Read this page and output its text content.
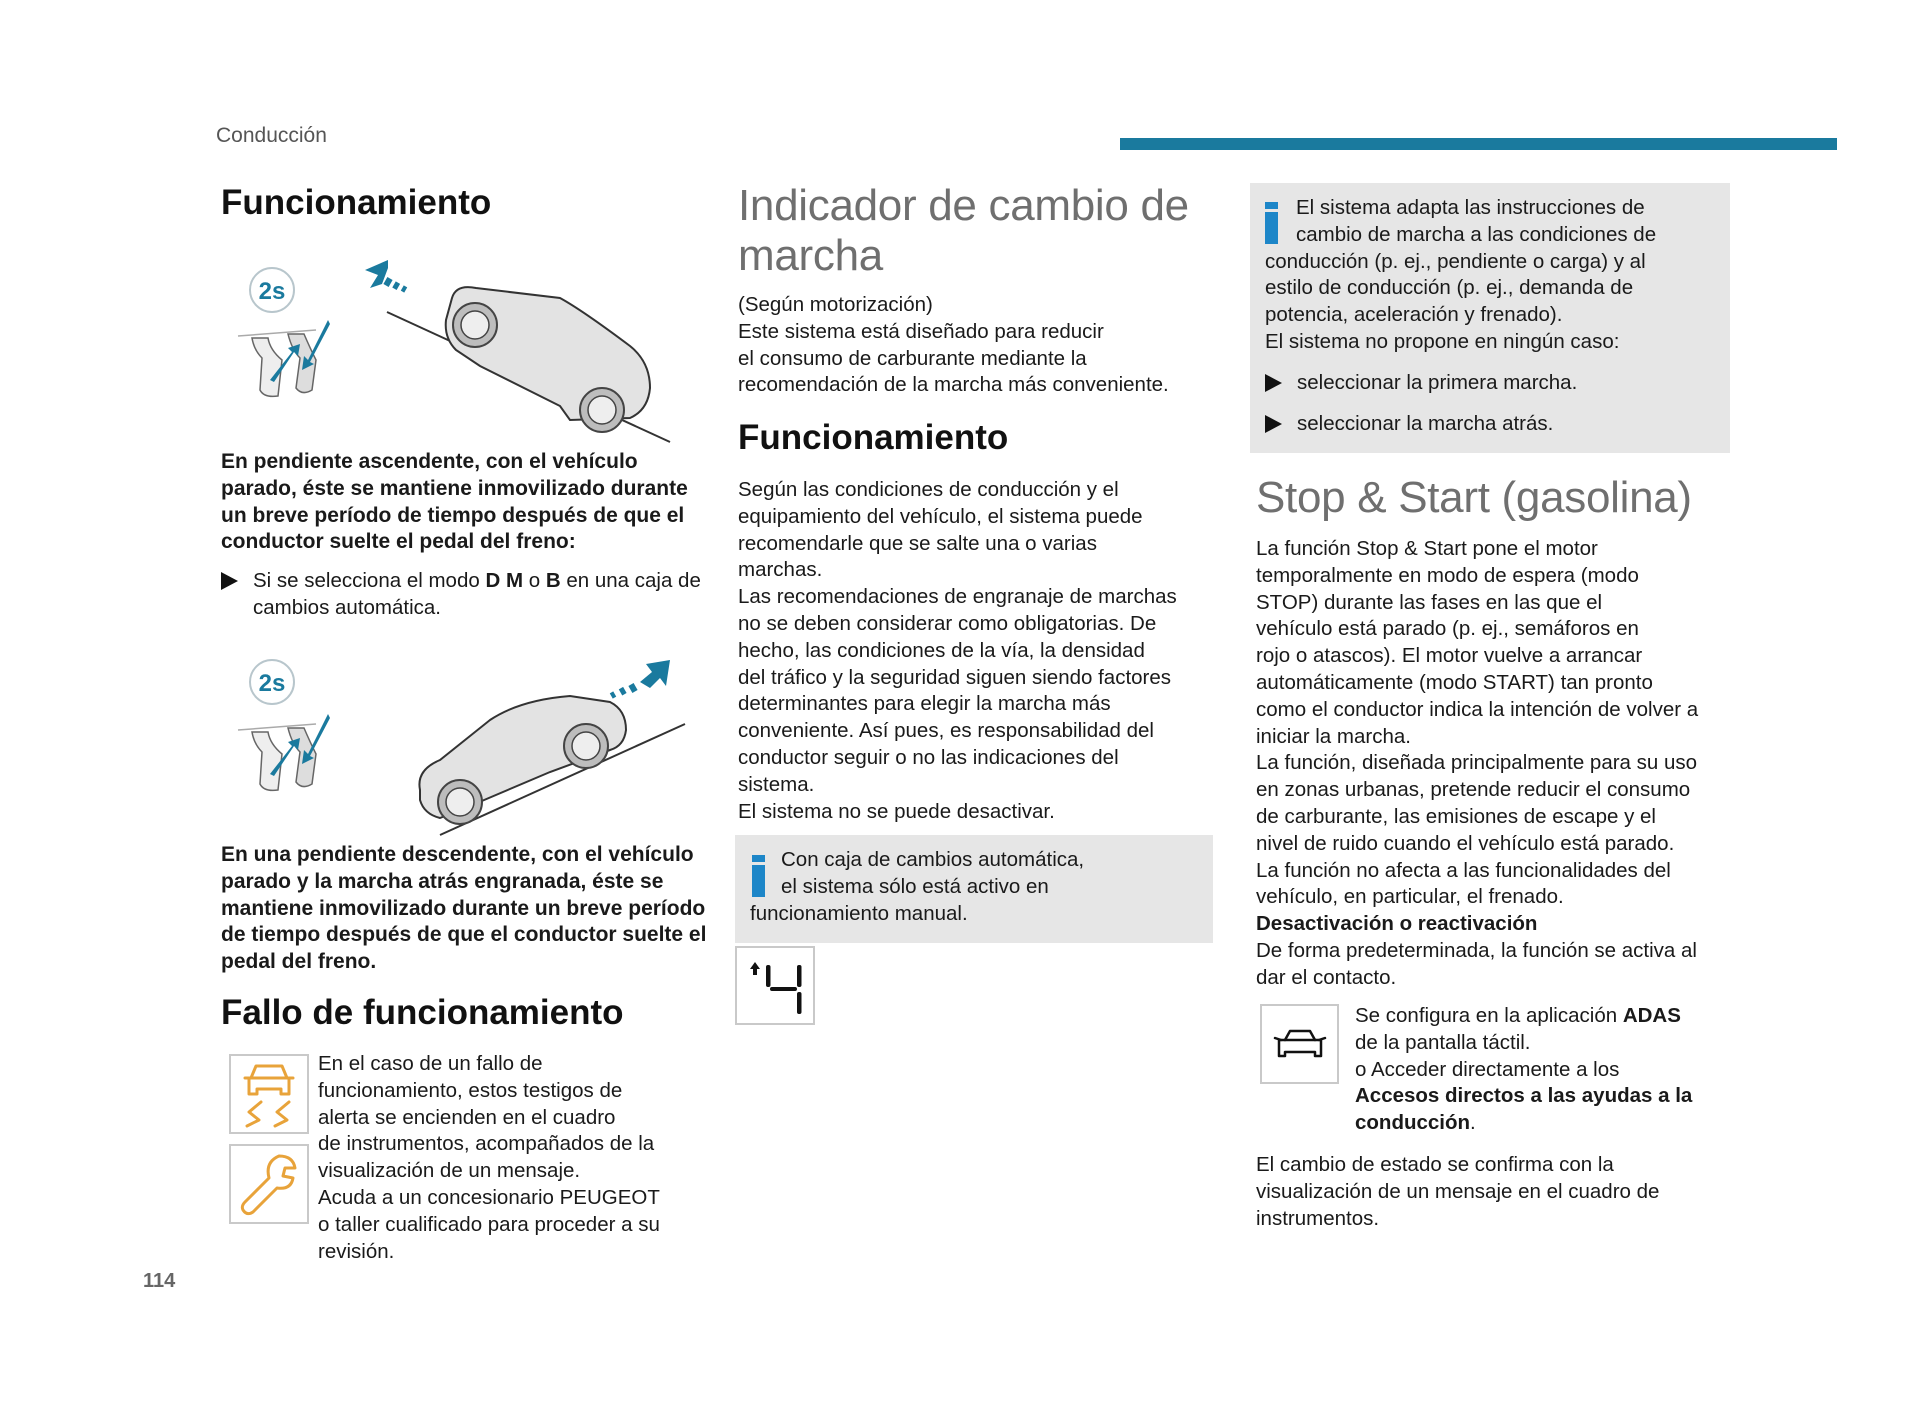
Conducción
Funcionamiento
2s
En pendiente ascendente, con el vehículo parado, éste se mantiene inmovilizado durante un breve período de tiempo después de que el conductor suelte el pedal del freno:
Si se selecciona el modo D M o B en una caja de cambios automática.
2s
En una pendiente descendente, con el vehículo parado y la marcha atrás engranada, éste se mantiene inmovilizado durante un breve período de tiempo después de que el conductor suelte el pedal del freno.
Fallo de funcionamiento
En el caso de un fallo de
funcionamiento, estos testigos de
alerta se encienden en el cuadro
de instrumentos, acompañados de la
visualización de un mensaje.
Acuda a un concesionario PEUGEOT
o taller cualificado para proceder a su
revisión.
114
Indicador de cambio de
marcha
(Según motorización)
Este sistema está diseñado para reducir
el consumo de carburante mediante la
recomendación de la marcha más conveniente.
Funcionamiento
Según las condiciones de conducción y el
equipamiento del vehículo, el sistema puede
recomendarle que se salte una o varias
marchas.
Las recomendaciones de engranaje de marchas
no se deben considerar como obligatorias. De
hecho, las condiciones de la vía, la densidad
del tráfico y la seguridad siguen siendo factores
determinantes para elegir la marcha más
conveniente. Así pues, es responsabilidad del
conductor seguir o no las indicaciones del
sistema.
El sistema no se puede desactivar.
Con caja de cambios automática,
el sistema sólo está activo en
funcionamiento manual.
El sistema adapta las instrucciones de
cambio de marcha a las condiciones de
conducción (p. ej., pendiente o carga) y al
estilo de conducción (p. ej., demanda de
potencia, aceleración y frenado).
El sistema no propone en ningún caso:
seleccionar la primera marcha.
seleccionar la marcha atrás.
Stop & Start (gasolina)
La función Stop & Start pone el motor
temporalmente en modo de espera (modo
STOP) durante las fases en las que el
vehículo está parado (p. ej., semáforos en
rojo o atascos). El motor vuelve a arrancar
automáticamente (modo START) tan pronto
como el conductor indica la intención de volver a
iniciar la marcha.
La función, diseñada principalmente para su uso
en zonas urbanas, pretende reducir el consumo
de carburante, las emisiones de escape y el
nivel de ruido cuando el vehículo está parado.
La función no afecta a las funcionalidades del
vehículo, en particular, el frenado.
Desactivación o reactivación
De forma predeterminada, la función se activa al
dar el contacto.
Se configura en la aplicación ADAS
de la pantalla táctil.
o Acceder directamente a los
Accesos directos a las ayudas a la
conducción.
El cambio de estado se confirma con la
visualización de un mensaje en el cuadro de
instrumentos.
